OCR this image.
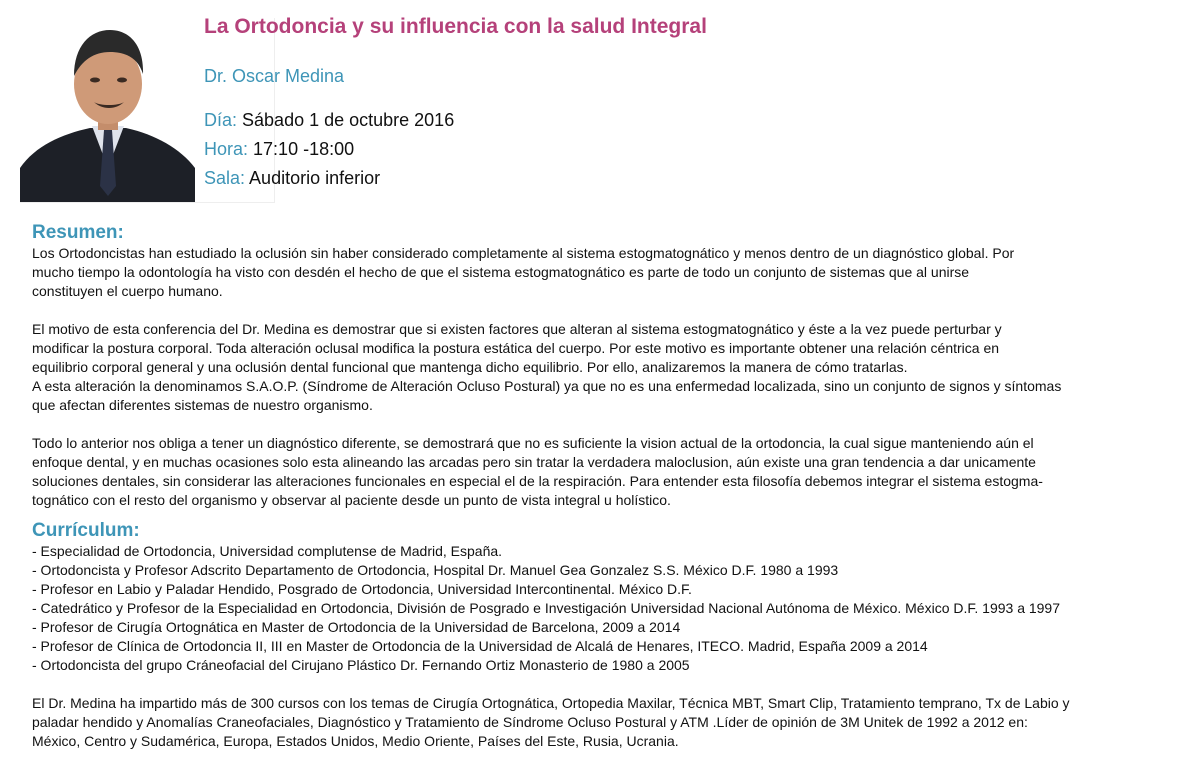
La Ortodoncia y su influencia con la salud Integral
Dr. Oscar Medina
Día: Sábado 1 de octubre 2016
Hora: 17:10 -18:00
Sala: Auditorio inferior
Resumen:
Los Ortodoncistas han estudiado la oclusión sin haber considerado completamente al sistema estogmatognático y menos dentro de un diagnóstico global. Por
mucho tiempo la odontología ha visto con desdén el hecho de que el sistema estogmatognático es parte de todo un conjunto de sistemas que al unirse
constituyen el cuerpo humano.
El motivo de esta conferencia del Dr. Medina es demostrar que si existen factores que alteran al sistema estogmatognático y éste a la vez puede perturbar y
modificar la postura corporal. Toda alteración oclusal modifica la postura estática del cuerpo. Por este motivo es importante obtener una relación céntrica en
equilibrio corporal general y una oclusión dental funcional que mantenga dicho equilibrio. Por ello, analizaremos la manera de cómo tratarlas.
A esta alteración la denominamos S.A.O.P. (Síndrome de Alteración Ocluso Postural) ya que no es una enfermedad localizada, sino un conjunto de signos y síntomas
que afectan diferentes sistemas de nuestro organismo.
Todo lo anterior nos obliga a tener un diagnóstico diferente, se demostrará que no es suficiente la vision actual de la ortodoncia, la cual sigue manteniendo aún el
enfoque dental, y en muchas ocasiones solo esta alineando las arcadas pero sin tratar la verdadera maloclusion, aún existe una gran tendencia a dar unicamente
soluciones dentales, sin considerar las alteraciones funcionales en especial el de la respiración. Para entender esta filosofía debemos integrar el sistema estogma-
tognático con el resto del organismo y observar al paciente desde un punto de vista integral u holístico.
Currículum:
- Especialidad de Ortodoncia, Universidad complutense de Madrid, España.
- Ortodoncista y Profesor Adscrito Departamento de Ortodoncia, Hospital Dr. Manuel Gea Gonzalez S.S. México D.F. 1980 a 1993
- Profesor en Labio y Paladar Hendido, Posgrado de Ortodoncia, Universidad Intercontinental. México D.F.
- Catedrático y Profesor de la Especialidad en Ortodoncia, División de Posgrado e Investigación Universidad Nacional Autónoma de México. México D.F. 1993 a 1997
- Profesor de Cirugía Ortognática en Master de Ortodoncia de la Universidad de Barcelona, 2009 a 2014
- Profesor de Clínica de Ortodoncia II, III en Master de Ortodoncia de la Universidad de Alcalá de Henares, ITECO. Madrid, España 2009 a 2014
- Ortodoncista del grupo Cráneofacial del Cirujano Plástico Dr. Fernando Ortiz Monasterio de 1980 a 2005
El Dr. Medina ha impartido más de 300 cursos con los temas de Cirugía Ortognática, Ortopedia Maxilar, Técnica MBT, Smart Clip, Tratamiento temprano, Tx de Labio y
paladar hendido y Anomalías Craneofaciales, Diagnóstico y Tratamiento de Síndrome Ocluso Postural y ATM .Líder de opinión de 3M Unitek de 1992 a 2012 en:
México, Centro y Sudamérica, Europa, Estados Unidos, Medio Oriente, Países del Este, Rusia, Ucrania.
